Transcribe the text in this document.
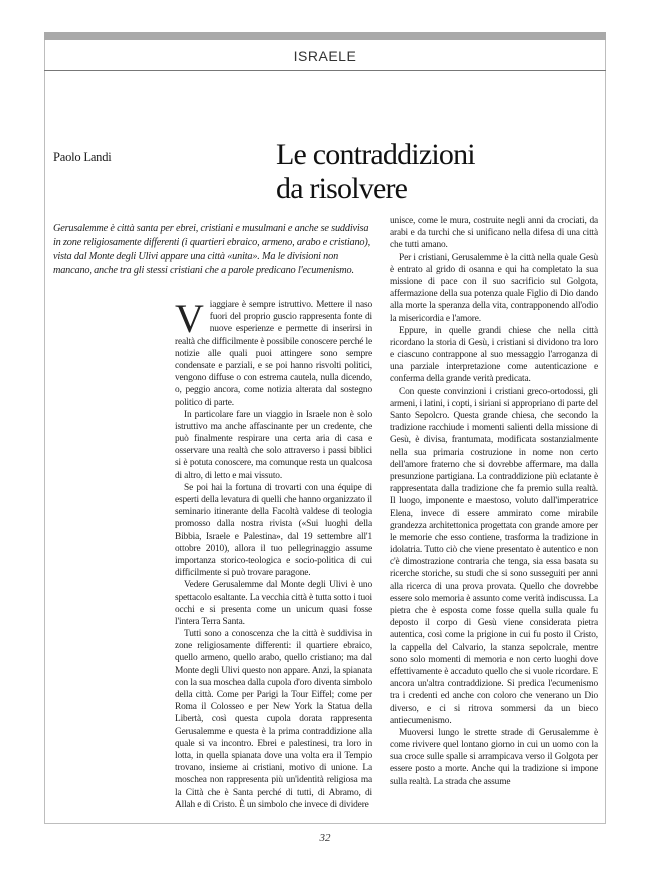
ISRAELE
Paolo Landi	Le contraddizioni
da risolvere
Gerusalemme è città santa per ebrei, cristiani e musulmani e anche se suddivisa in zone religiosamente differenti (i quartieri ebraico, armeno, arabo e cristiano), vista dal Monte degli Ulivi appare una città «unita». Ma le divisioni non mancano, anche tra gli stessi cristiani che a parole predicano l'ecumenismo.

Viaggiare è sempre istruttivo. Mettere il naso fuori del proprio guscio rappresenta fonte di nuove esperienze e permette di inserirsi in realtà che difficilmente è possibile conoscere perché le notizie alle quali puoi attingere sono sempre condensate e parziali, e se poi hanno risvolti politici, vengono diffuse o con estrema cautela, nulla dicendo, o, peggio ancora, come notizia alterata dal sostegno politico di parte.

In particolare fare un viaggio in Israele non è solo istruttivo ma anche affascinante per un credente, che può finalmente respirare una certa aria di casa e osservare una realtà che solo attraverso i passi biblici si è potuta conoscere, ma comunque resta un qualcosa di altro, di letto e mai vissuto.

Se poi hai la fortuna di trovarti con una équipe di esperti della levatura di quelli che hanno organizzato il seminario itinerante della Facoltà valdese di teologia promosso dalla nostra rivista («Sui luoghi della Bibbia, Israele e Palestina», dal 19 settembre all'1 ottobre 2010), allora il tuo pellegrinaggio assume importanza storico-teologica e socio-politica di cui difficilmente si può trovare paragone.

Vedere Gerusalemme dal Monte degli Ulivi è uno spettacolo esaltante. La vecchia città è tutta sotto i tuoi occhi e si presenta come un unicum quasi fosse l'intera Terra Santa.

Tutti sono a conoscenza che la città è suddivisa in zone religiosamente differenti: il quartiere ebraico, quello armeno, quello arabo, quello cristiano; ma dal Monte degli Ulivi questo non appare. Anzi, la spianata con la sua moschea dalla cupola d'oro diventa simbolo della città. Come per Parigi la Tour Eiffel; come per Roma il Colosseo e per New York la Statua della Libertà, così questa cupola dorata rappresenta Gerusalemme e questa è la prima contraddizione alla quale si va incontro. Ebrei e palestinesi, tra loro in lotta, in quella spianata dove una volta era il Tempio trovano, insieme ai cristiani, motivo di unione. La moschea non rappresenta più un'identità religiosa ma la Città che è Santa perché di tutti, di Abramo, di Allah e di Cristo. È un simbolo che invece di dividere

unisce, come le mura, costruite negli anni da crociati, da arabi e da turchi che si unificano nella difesa di una città che tutti amano.

Per i cristiani, Gerusalemme è la città nella quale Gesù è entrato al grido di osanna e qui ha completato la sua missione di pace con il suo sacrificio sul Golgota, affermazione della sua potenza quale Figlio di Dio dando alla morte la speranza della vita, contrapponendo all'odio la misericordia e l'amore.

Eppure, in quelle grandi chiese che nella città ricordano la storia di Gesù, i cristiani si dividono tra loro e ciascuno contrappone al suo messaggio l'arroganza di una parziale interpretazione come autenticazione e conferma della grande verità predicata.

Con queste convinzioni i cristiani greco-ortodossi, gli armeni, i latini, i copti, i siriani si appropriano di parte del Santo Sepolcro. Questa grande chiesa, che secondo la tradizione racchiude i momenti salienti della missione di Gesù, è divisa, frantumata, modificata sostanzialmente nella sua primaria costruzione in nome non certo dell'amore fraterno che si dovrebbe affermare, ma dalla presunzione partigiana. La contraddizione più eclatante è rappresentata dalla tradizione che fa premio sulla realtà. Il luogo, imponente e maestoso, voluto dall'imperatrice Elena, invece di essere ammirato come mirabile grandezza architettonica progettata con grande amore per le memorie che esso contiene, trasforma la tradizione in idolatria. Tutto ciò che viene presentato è autentico e non c'è dimostrazione contraria che tenga, sia essa basata su ricerche storiche, su studi che si sono susseguiti per anni alla ricerca di una prova provata. Quello che dovrebbe essere solo memoria è assunto come verità indiscussa. La pietra che è esposta come fosse quella sulla quale fu deposto il corpo di Gesù viene considerata pietra autentica, così come la prigione in cui fu posto il Cristo, la cappella del Calvario, la stanza sepolcrale, mentre sono solo momenti di memoria e non certo luoghi dove effettivamente è accaduto quello che si vuole ricordare. E ancora un'altra contraddizione. Si predica l'ecumenismo tra i credenti ed anche con coloro che venerano un Dio diverso, e ci si ritrova sommersi da un bieco antiecumenismo.

Muoversi lungo le strette strade di Gerusalemme è come rivivere quel lontano giorno in cui un uomo con la sua croce sulle spalle si arrampicava verso il Golgota per essere posto a morte. Anche qui la tradizione si impone sulla realtà. La strada che assume

32
